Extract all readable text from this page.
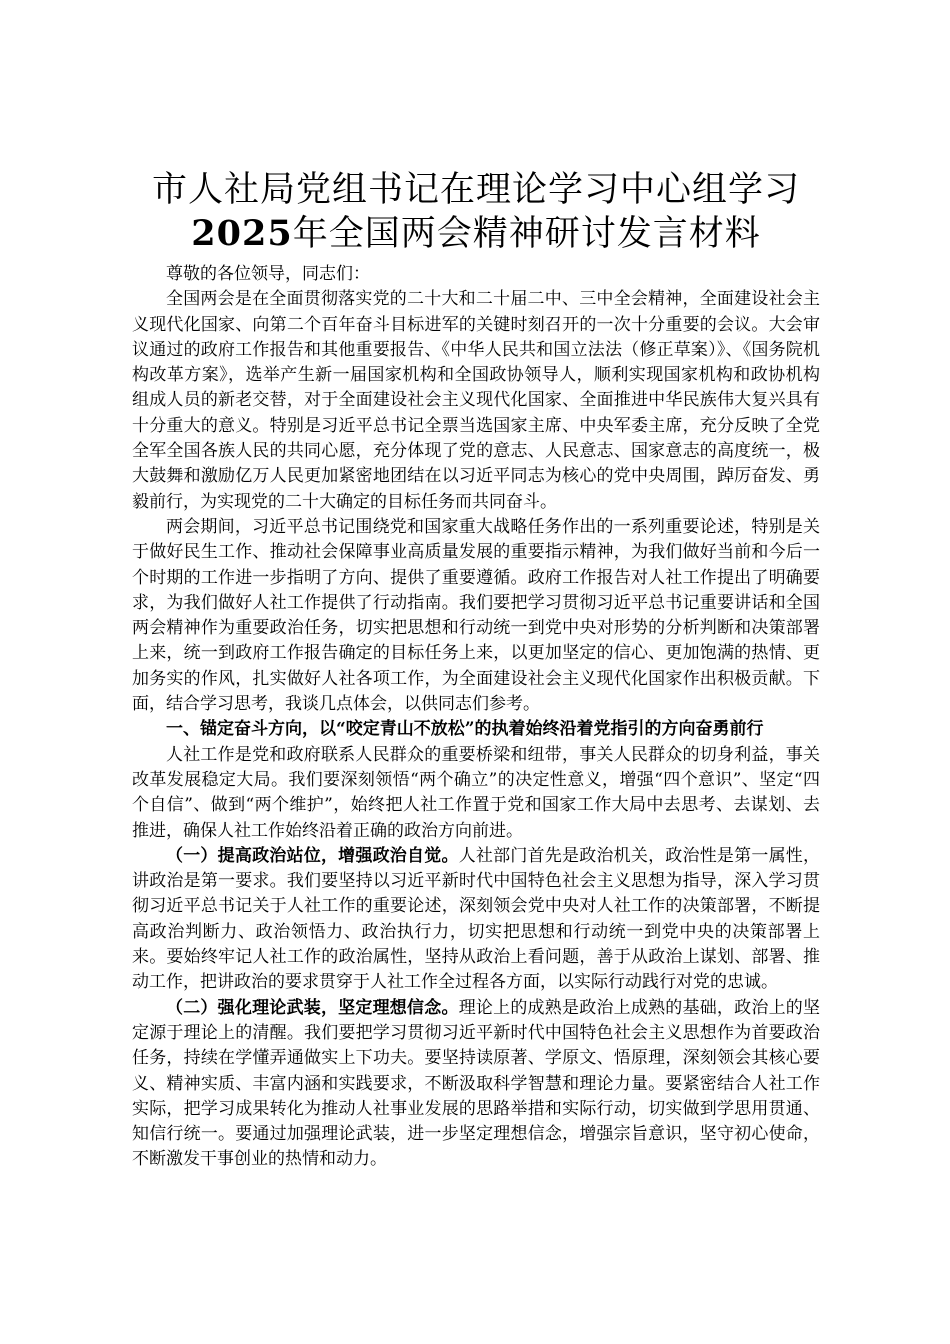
市人社局党组书记在理论学习中心组学习
2025年全国两会精神研讨发言材料

尊敬的各位领导，同志们：

全国两会是在全面贯彻落实党的二十大和二十届二中、三中全会精神，全面建设社会主义现代化国家、向第二个百年奋斗目标进军的关键时刻召开的一次十分重要的会议。大会审议通过的政府工作报告和其他重要报告、《中华人民共和国立法法（修正草案）》、《国务院机构改革方案》，选举产生新一届国家机构和全国政协领导人，顺利实现国家机构和政协机构组成人员的新老交替，对于全面建设社会主义现代化国家、全面推进中华民族伟大复兴具有十分重大的意义。特别是习近平总书记全票当选国家主席、中央军委主席，充分反映了全党全军全国各族人民的共同心愿，充分体现了党的意志、人民意志、国家意志的高度统一，极大鼓舞和激励亿万人民更加紧密地团结在以习近平同志为核心的党中央周围，踔厉奋发、勇毅前行，为实现党的二十大确定的目标任务而共同奋斗。

两会期间，习近平总书记围绕党和国家重大战略任务作出的一系列重要论述，特别是关于做好民生工作、推动社会保障事业高质量发展的重要指示精神，为我们做好当前和今后一个时期的工作进一步指明了方向、提供了重要遵循。政府工作报告对人社工作提出了明确要求，为我们做好人社工作提供了行动指南。我们要把学习贯彻习近平总书记重要讲话和全国两会精神作为重要政治任务，切实把思想和行动统一到党中央对形势的分析判断和决策部署上来，统一到政府工作报告确定的目标任务上来，以更加坚定的信心、更加饱满的热情、更加务实的作风，扎实做好人社各项工作，为全面建设社会主义现代化国家作出积极贡献。下面，结合学习思考，我谈几点体会，以供同志们参考。

一、锚定奋斗方向，以“咬定青山不放松”的执着始终沿着党指引的方向奋勇前行

人社工作是党和政府联系人民群众的重要桥梁和纽带，事关人民群众的切身利益，事关改革发展稳定大局。我们要深刻领悟“两个确立”的决定性意义，增强“四个意识”、坚定“四个自信”、做到“两个维护”，始终把人社工作置于党和国家工作大局中去思考、去谋划、去推进，确保人社工作始终沿着正确的政治方向前进。

（一）提高政治站位，增强政治自觉。人社部门首先是政治机关，政治性是第一属性，讲政治是第一要求。我们要坚持以习近平新时代中国特色社会主义思想为指导，深入学习贯彻习近平总书记关于人社工作的重要论述，深刻领会党中央对人社工作的决策部署，不断提高政治判断力、政治领悟力、政治执行力，切实把思想和行动统一到党中央的决策部署上来。要始终牢记人社工作的政治属性，坚持从政治上看问题，善于从政治上谋划、部署、推动工作，把讲政治的要求贯穿于人社工作全过程各方面，以实际行动践行对党的忠诚。

（二）强化理论武装，坚定理想信念。理论上的成熟是政治上成熟的基础，政治上的坚定源于理论上的清醒。我们要把学习贯彻习近平新时代中国特色社会主义思想作为首要政治任务，持续在学懂弄通做实上下功夫。要坚持读原著、学原文、悟原理，深刻领会其核心要义、精神实质、丰富内涵和实践要求，不断汲取科学智慧和理论力量。要紧密结合人社工作实际，把学习成果转化为推动人社事业发展的思路举措和实际行动，切实做到学思用贯通、知信行统一。要通过加强理论武装，进一步坚定理想信念，增强宗旨意识，坚守初心使命，不断激发干事创业的热情和动力。
